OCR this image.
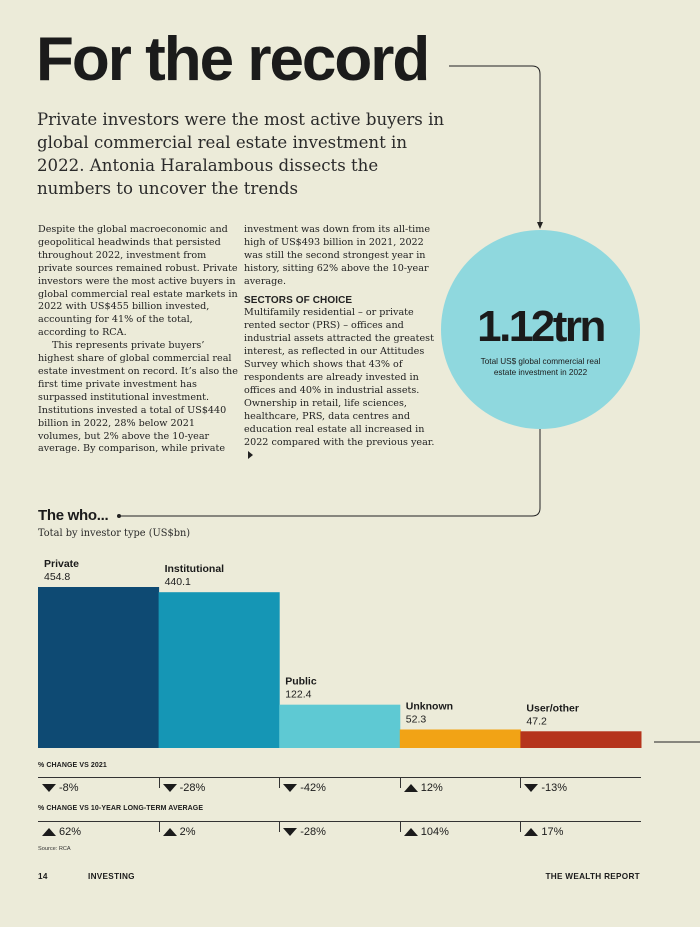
For the record

Private investors were the most active buyers in global commercial real estate investment in 2022. Antonia Haralambous dissects the numbers to uncover the trends

Despite the global macroeconomic and geopolitical headwinds that persisted throughout 2022, investment from private sources remained robust. Private investors were the most active buyers in global commercial real estate markets in 2022 with US$455 billion invested, accounting for 41% of the total, according to RCA.

This represents private buyers’ highest share of global commercial real estate investment on record. It’s also the first time private investment has surpassed institutional investment. Institutions invested a total of US$440 billion in 2022, 28% below 2021 volumes, but 2% above the 10-year average. By comparison, while private

investment was down from its all-time high of US$493 billion in 2021, 2022 was still the second strongest year in history, sitting 62% above the 10-year average.

SECTORS OF CHOICE

Multifamily residential – or private rented sector (PRS) – offices and industrial assets attracted the greatest interest, as reflected in our Attitudes Survey which shows that 43% of respondents are already invested in offices and 40% in industrial assets. Ownership in retail, life sciences, healthcare, PRS, data centres and education real estate all increased in 2022 compared with the previous year.

1.12trn
Total US$ global commercial real estate investment in 2022
The who...
Total by investor type (US$bn)
Private
454.8
Institutional
440.1
Public
122.4
Unknown
52.3
User/other
47.2
% CHANGE VS 2021
-8%	-28%	-42%	12%	-13%
% CHANGE VS 10-YEAR LONG-TERM AVERAGE
62%	2%	-28%	104%	17%
Source: RCA
14	INVESTING	THE WEALTH REPORT
